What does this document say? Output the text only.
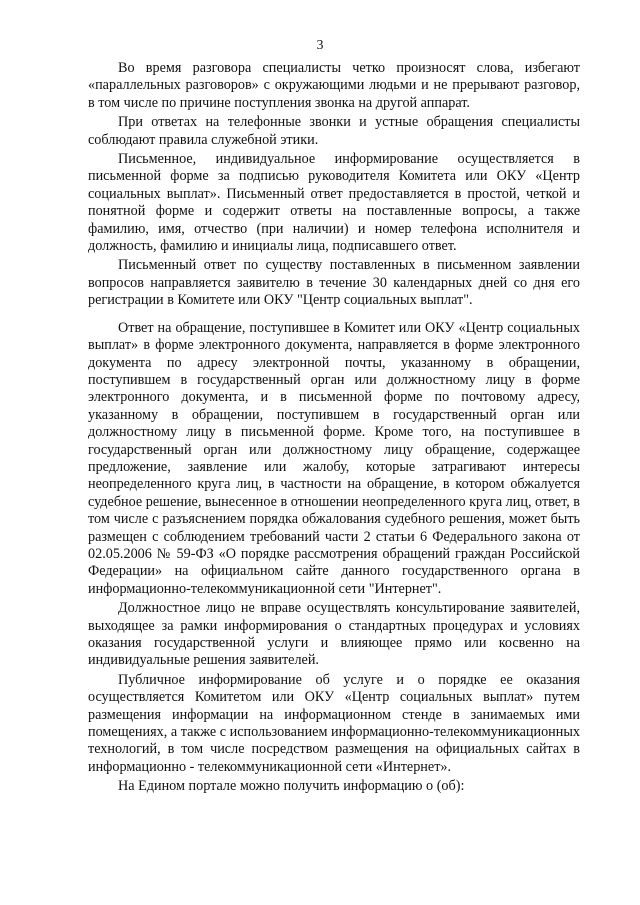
3

Во время разговора специалисты четко произносят слова, избегают «параллельных разговоров» с окружающими людьми и не прерывают разговор, в том числе по причине поступления звонка на другой аппарат.

При ответах на телефонные звонки и устные обращения специалисты соблюдают правила служебной этики.

Письменное, индивидуальное информирование осуществляется в письменной форме за подписью руководителя Комитета или ОКУ «Центр социальных выплат». Письменный ответ предоставляется в простой, четкой и понятной форме и содержит ответы на поставленные вопросы, а также фамилию, имя, отчество (при наличии) и номер телефона исполнителя и должность, фамилию и инициалы лица, подписавшего ответ.

Письменный ответ по существу поставленных в письменном заявлении вопросов направляется заявителю в течение 30 календарных дней со дня его регистрации в Комитете или ОКУ "Центр социальных выплат".

Ответ на обращение, поступившее в Комитет или ОКУ «Центр социальных выплат» в форме электронного документа, направляется в форме электронного документа по адресу электронной почты, указанному в обращении, поступившем в государственный орган или должностному лицу в форме электронного документа, и в письменной форме по почтовому адресу, указанному в обращении, поступившем в государственный орган или должностному лицу в письменной форме. Кроме того, на поступившее в государственный орган или должностному лицу обращение, содержащее предложение, заявление или жалобу, которые затрагивают интересы неопределенного круга лиц, в частности на обращение, в котором обжалуется судебное решение, вынесенное в отношении неопределенного круга лиц, ответ, в том числе с разъяснением порядка обжалования судебного решения, может быть размещен с соблюдением требований части 2 статьи 6 Федерального закона от 02.05.2006 № 59-ФЗ «О порядке рассмотрения обращений граждан Российской Федерации» на официальном сайте данного государственного органа в информационно-телекоммуникационной сети "Интернет".

Должностное лицо не вправе осуществлять консультирование заявителей, выходящее за рамки информирования о стандартных процедурах и условиях оказания государственной услуги и влияющее прямо или косвенно на индивидуальные решения заявителей.

Публичное информирование об услуге и о порядке ее оказания осуществляется Комитетом или ОКУ «Центр социальных выплат» путем размещения информации на информационном стенде в занимаемых ими помещениях, а также с использованием информационно-телекоммуникационных технологий, в том числе посредством размещения на официальных сайтах в информационно - телекоммуникационной сети «Интернет».

На Едином портале можно получить информацию о (об):
